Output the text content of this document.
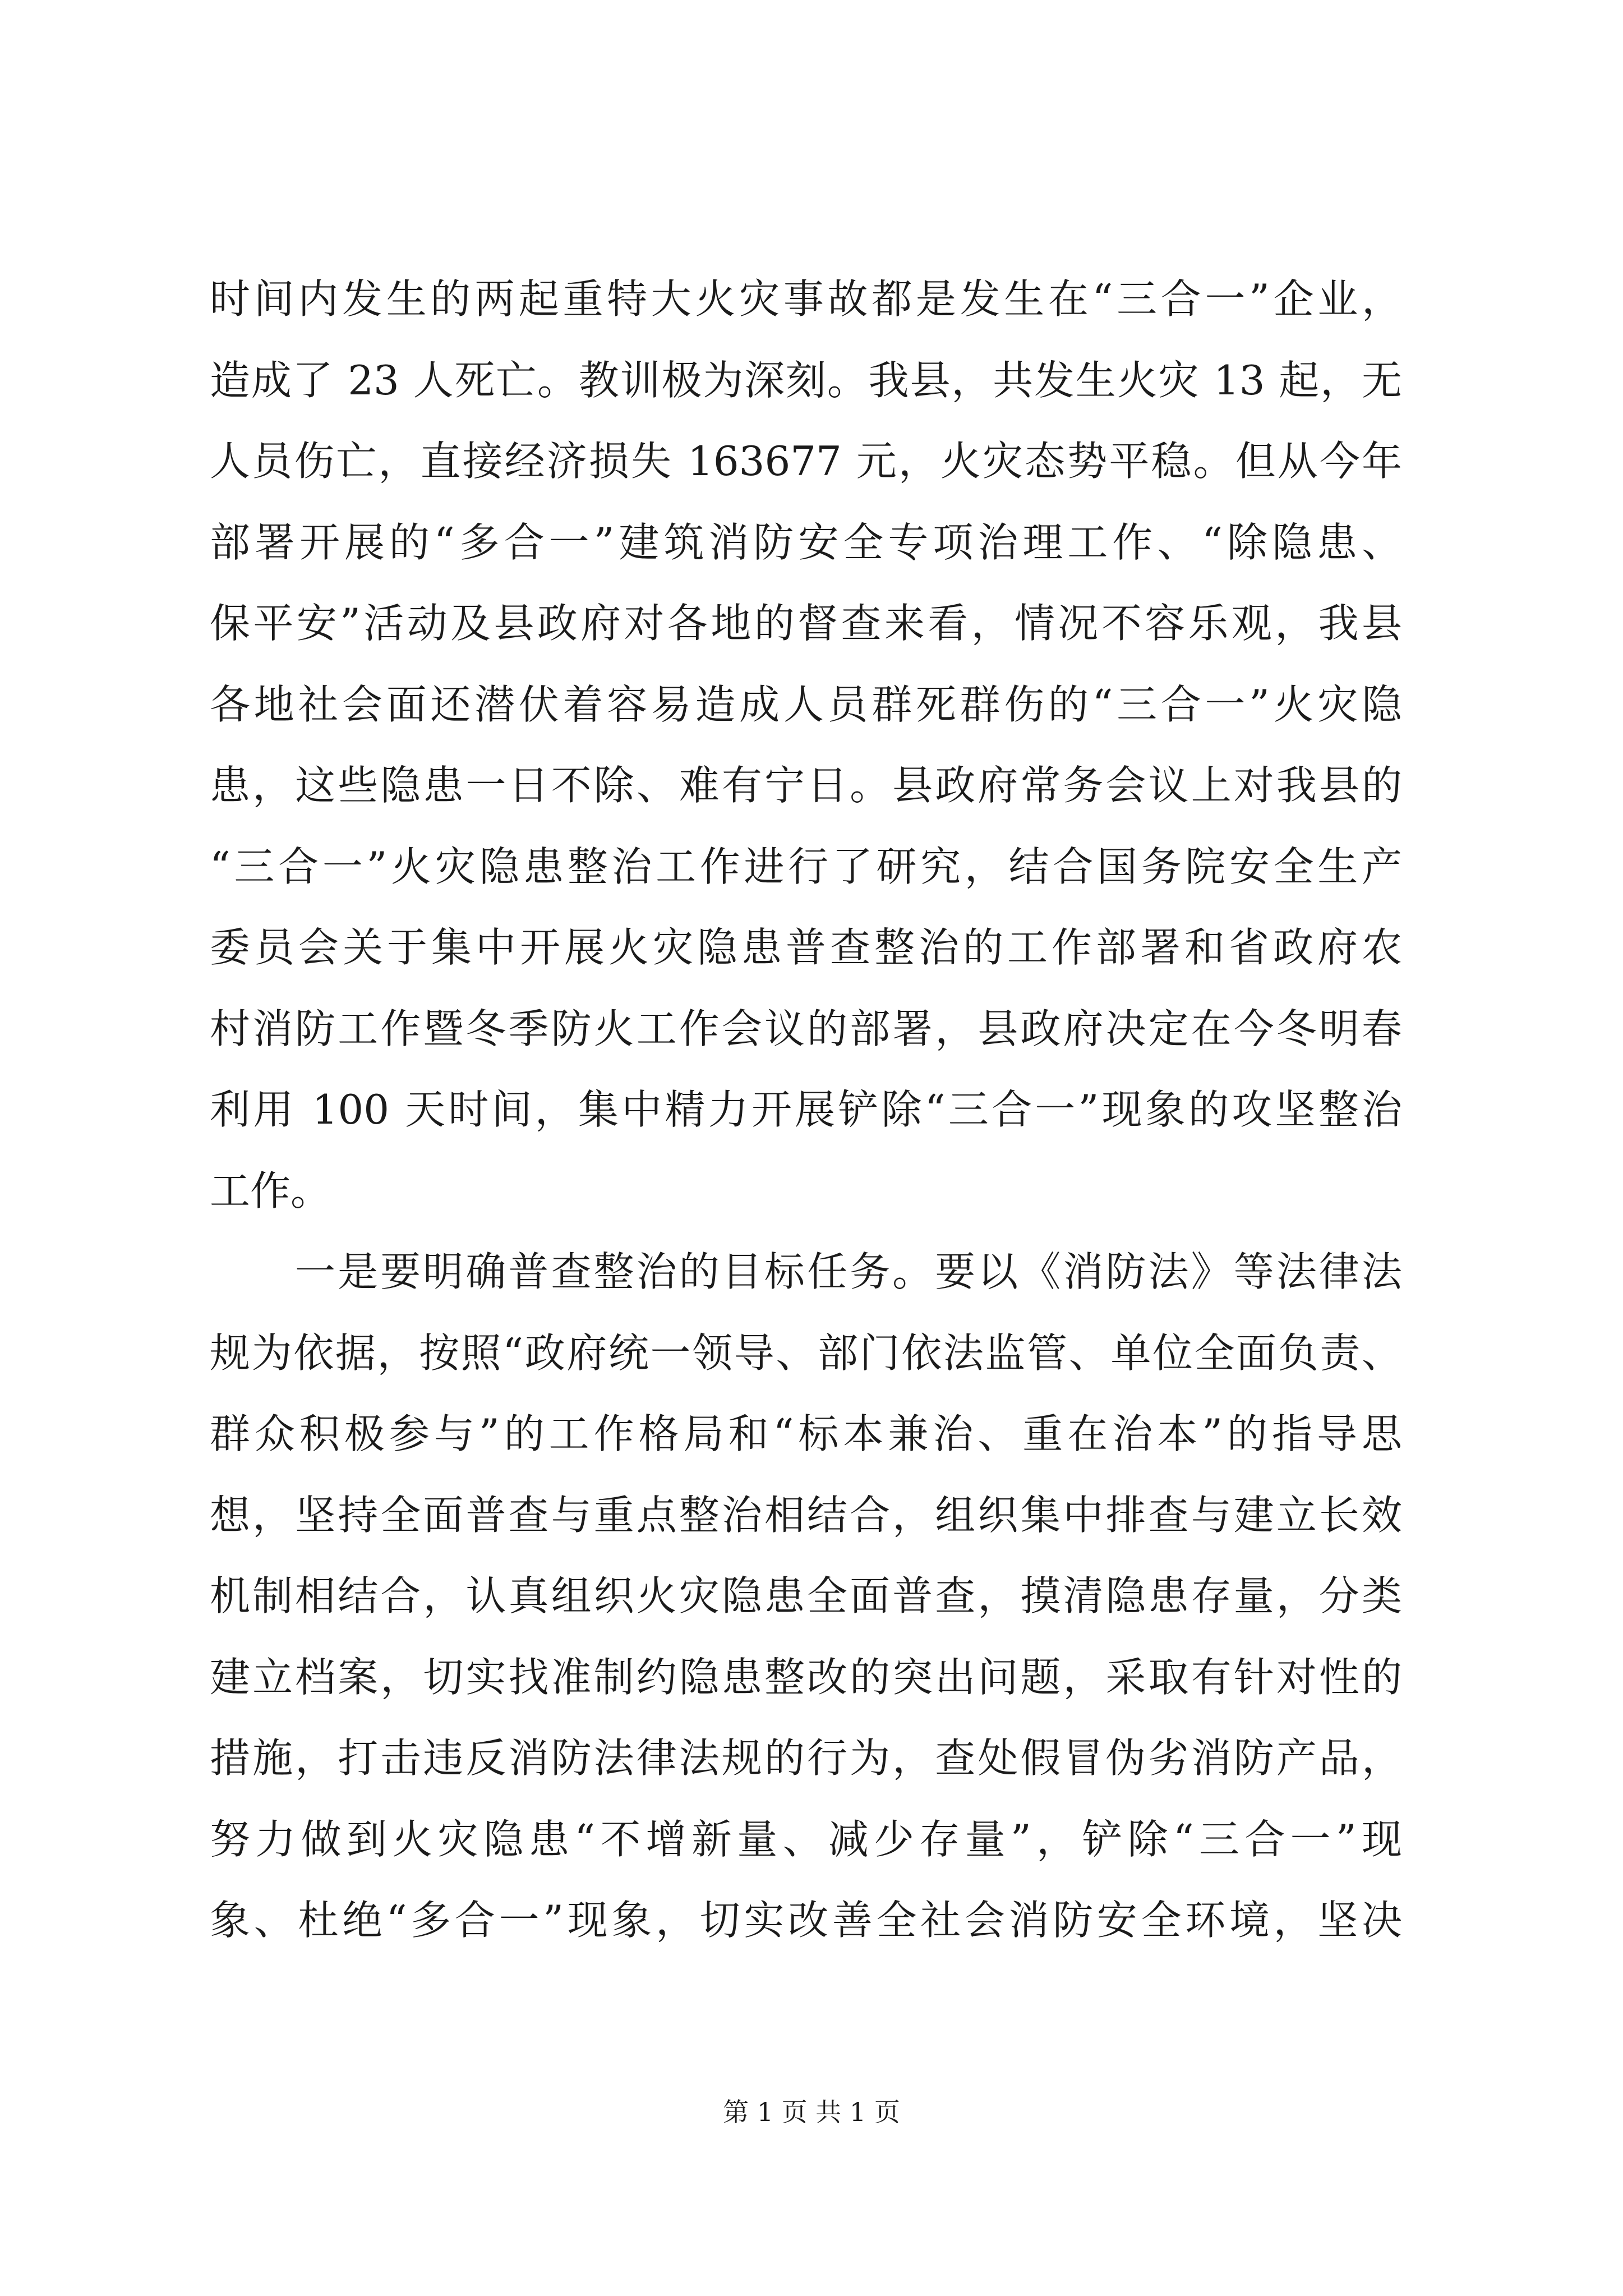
时间内发生的两起重特大火灾事故都是发生在“三合一”企业，
造成了 23 人死亡。教训极为深刻。我县，共发生火灾 13 起，无
人员伤亡，直接经济损失 163677 元，火灾态势平稳。但从今年
部署开展的“多合一”建筑消防安全专项治理工作、“除隐患、
保平安”活动及县政府对各地的督查来看，情况不容乐观，我县
各地社会面还潜伏着容易造成人员群死群伤的“三合一”火灾隐
患，这些隐患一日不除、难有宁日。县政府常务会议上对我县的
“三合一”火灾隐患整治工作进行了研究，结合国务院安全生产
委员会关于集中开展火灾隐患普查整治的工作部署和省政府农
村消防工作暨冬季防火工作会议的部署，县政府决定在今冬明春
利用 100 天时间，集中精力开展铲除“三合一”现象的攻坚整治
工作。
一是要明确普查整治的目标任务。要以《消防法》等法律法
规为依据，按照“政府统一领导、部门依法监管、单位全面负责、
群众积极参与”的工作格局和“标本兼治、重在治本”的指导思
想，坚持全面普查与重点整治相结合，组织集中排查与建立长效
机制相结合，认真组织火灾隐患全面普查，摸清隐患存量，分类
建立档案，切实找准制约隐患整改的突出问题，采取有针对性的
措施，打击违反消防法律法规的行为，查处假冒伪劣消防产品，
努力做到火灾隐患“不增新量、减少存量”，铲除“三合一”现
象、杜绝“多合一”现象，切实改善全社会消防安全环境，坚决
第 1 页 共 1 页
